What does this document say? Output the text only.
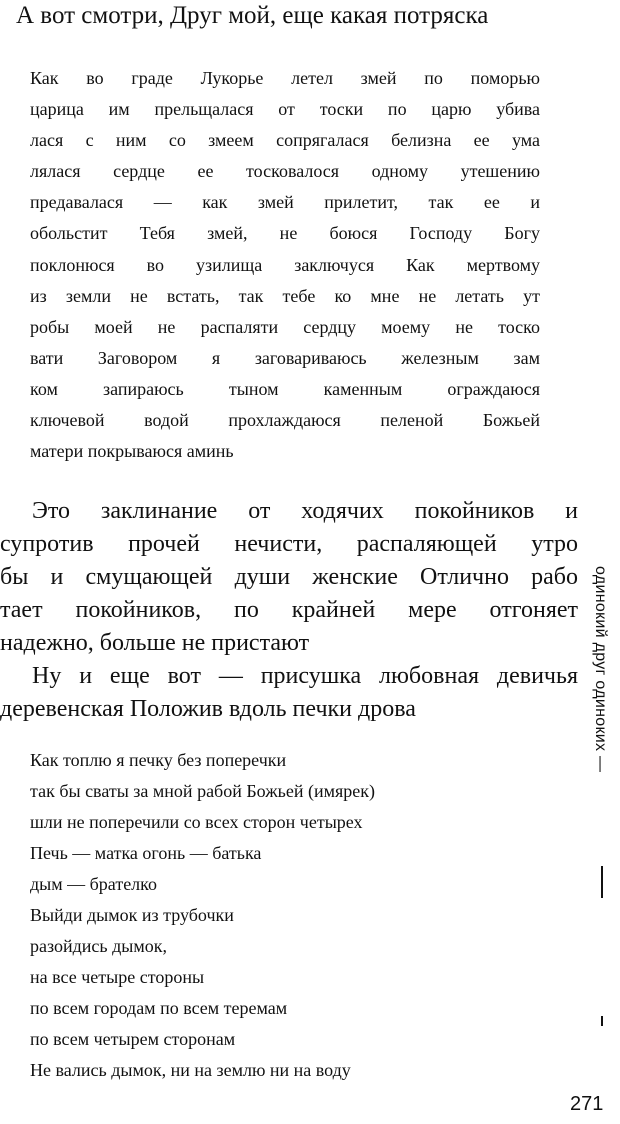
А вот смотри, Друг мой, еще какая потряска
Как во граде Лукорье летел змей по поморью
царица им прельщалася от тоски по царю убива
лася с ним со змеем сопрягалася белизна ее ума
лялася сердце ее тосковалося одному утешению
предавалася — как змей прилетит, так ее и
обольстит Тебя змей, не боюся Господу Богу
поклонюся во узилища заключуся Как мертвому
из земли не встать, так тебе ко мне не летать ут
робы моей не распаляти сердцу моему не тоско
вати Заговором я заговариваюсь железным зам
ком запираюсь тыном каменным ограждаюся
ключевой водой прохлаждаюся пеленой Божьей
матери покрываюся аминь
Это заклинание от ходячих покойников и
супротив прочей нечисти, распаляющей утро
бы и смущающей души женские Отлично рабо
тает покойников, по крайней мере отгоняет
надежно, больше не пристают
Ну и еще вот — присушка любовная девичья
деревенская Положив вдоль печки дрова
Как топлю я печку без поперечки
так бы сваты за мной рабой Божьей (имярек)
шли не поперечили со всех сторон четырех
Печь — матка огонь — батька
дым — брателко
Выйди дымок из трубочки
разойдись дымок,
на все четыре стороны
по всем городам по всем теремам
по всем четырем сторонам
Не вались дымок, ни на землю ни на воду
одинокий друг одиноких —
271
